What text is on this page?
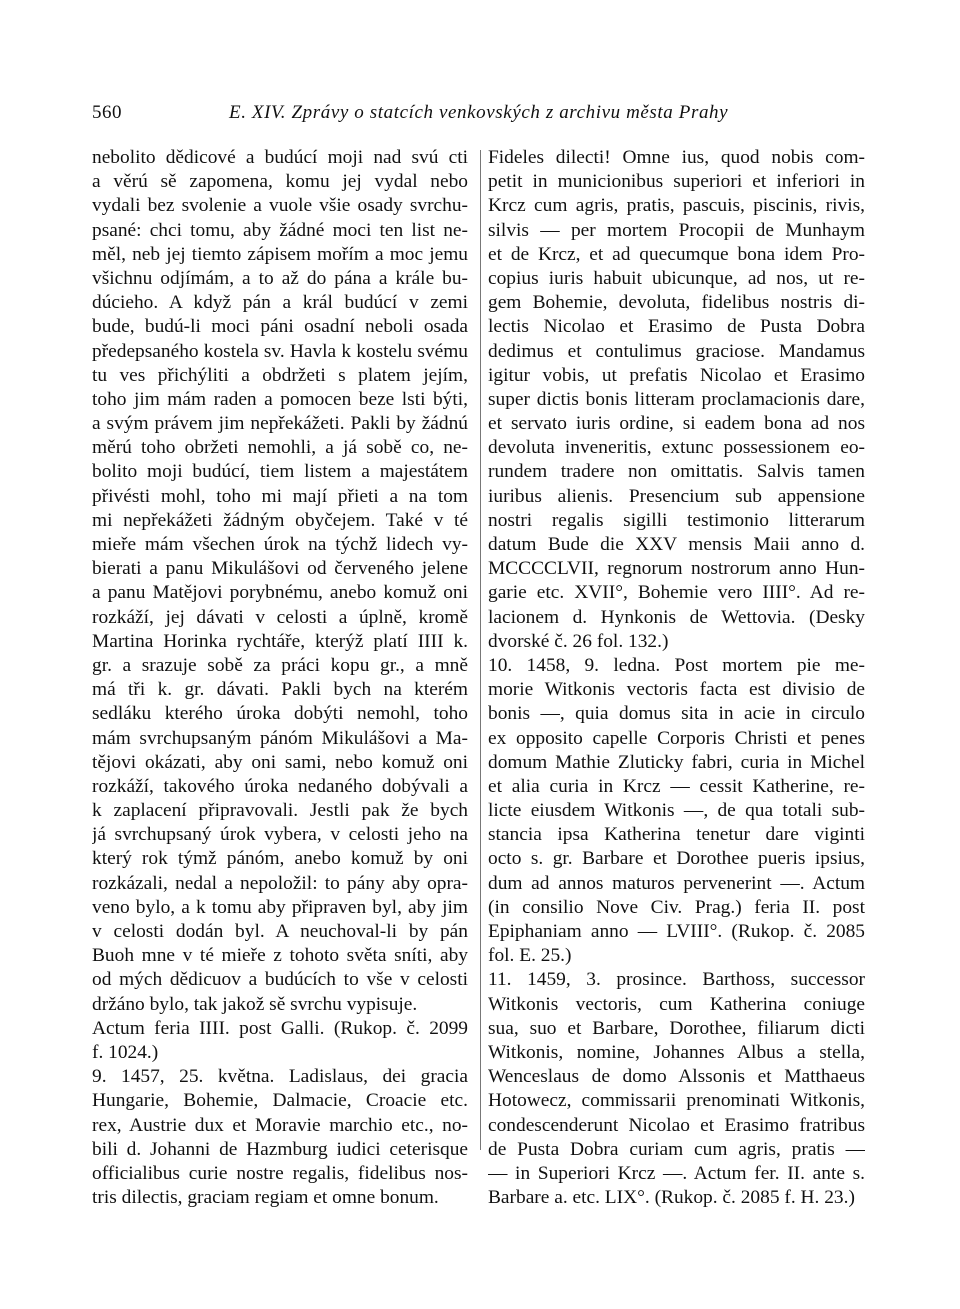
560	E. XIV. Zprávy o statcích venkovských z archivu města Prahy
nebolito dědicové a budúcí moji nad svú cti
a věrú sě zapomena, komu jej vydal nebo
vydali bez svolenie a vuole všie osady svrchu-
psané: chci tomu, aby žádné moci ten list ne-
měl, neb jej tiemto zápisem mořím a moc jemu
všichnu odjímám, a to až do pána a krále bu-
dúcieho. A když pán a král budúcí v zemi
bude, budú-li moci páni osadní neboli osada
předepsaného kostela sv. Havla k kostelu svému
tu ves přichýliti a obdržeti s platem jejím,
toho jim mám raden a pomocen beze lsti býti,
a svým právem jim nepřekážeti. Pakli by žádnú
měrú toho obržeti nemohli, a já sobě co, ne-
bolito moji budúcí, tiem listem a majestátem
přivésti mohl, toho mi mají přieti a na tom
mi nepřekážeti žádným obyčejem. Také v té
mieře mám všechen úrok na týchž lidech vy-
bierati a panu Mikulášovi od červeného jelene
a panu Matějovi porybnému, anebo komuž oni
rozkáží, jej dávati v celosti a úplně, kromě
Martina Horinka rychtáře, kterýž platí IIII k.
gr. a srazuje sobě za práci kopu gr., a mně
má tři k. gr. dávati. Pakli bych na kterém
sedláku kterého úroka dobýti nemohl, toho
mám svrchupsaným pánóm Mikulášovi a Ma-
tějovi okázati, aby oni sami, nebo komuž oni
rozkáží, takového úroka nedaného dobývali a
k zaplacení připravovali. Jestli pak že bych
já svrchupsaný úrok vybera, v celosti jeho na
který rok týmž pánóm, anebo komuž by oni
rozkázali, nedal a nepoložil: to pány aby opra-
veno bylo, a k tomu aby připraven byl, aby jim
v celosti dodán byl. A neuchoval-li by pán
Buoh mne v té mieře z tohoto světa sníti, aby
od mých dědicuov a budúcích to vše v celosti
držáno bylo, tak jakož sě svrchu vypisuje.
Actum feria IIII. post Galli. (Rukop. č. 2099
f. 1024.)
9. 1457, 25. května. Ladislaus, dei gracia
Hungarie, Bohemie, Dalmacie, Croacie etc.
rex, Austrie dux et Moravie marchio etc., no-
bili d. Johanni de Hazmburg iudici ceterisque
officialibus curie nostre regalis, fidelibus nos-
tris dilectis, graciam regiam et omne bonum.
Fideles dilecti! Omne ius, quod nobis com-
petit in municionibus superiori et inferiori in
Krcz cum agris, pratis, pascuis, piscinis, rivis,
silvis — per mortem Procopii de Munhaym
et de Krcz, et ad quecumque bona idem Pro-
copius iuris habuit ubicunque, ad nos, ut re-
gem Bohemie, devoluta, fidelibus nostris di-
lectis Nicolao et Erasimo de Pusta Dobra
dedimus et contulimus graciose. Mandamus
igitur vobis, ut prefatis Nicolao et Erasimo
super dictis bonis litteram proclamacionis dare,
et servato iuris ordine, si eadem bona ad nos
devoluta inveneritis, extunc possessionem eo-
rundem tradere non omittatis. Salvis tamen
iuribus alienis. Presencium sub appensione
nostri regalis sigilli testimonio litterarum
datum Bude die XXV mensis Maii anno d.
MCCCCLVII, regnorum nostrorum anno Hun-
garie etc. XVII°, Bohemie vero IIII°. Ad re-
lacionem d. Hynkonis de Wettovia. (Desky
dvorské č. 26 fol. 132.)
10. 1458, 9. ledna. Post mortem pie me-
morie Witkonis vectoris facta est divisio de
bonis —, quia domus sita in acie in circulo
ex opposito capelle Corporis Christi et penes
domum Mathie Zluticky fabri, curia in Michel
et alia curia in Krcz — cessit Katherine, re-
licte eiusdem Witkonis —, de qua totali sub-
stancia ipsa Katherina tenetur dare viginti
octo s. gr. Barbare et Dorothee pueris ipsius,
dum ad annos maturos pervenerint —. Actum
(in consilio Nove Civ. Prag.) feria II. post
Epiphaniam anno — LVIII°. (Rukop. č. 2085
fol. E. 25.)
11. 1459, 3. prosince. Barthoss, successor
Witkonis vectoris, cum Katherina coniuge
sua, suo et Barbare, Dorothee, filiarum dicti
Witkonis, nomine, Johannes Albus a stella,
Wenceslaus de domo Alssonis et Matthaeus
Hotowecz, commissarii prenominati Witkonis,
condescenderunt Nicolao et Erasimo fratribus
de Pusta Dobra curiam cum agris, pratis —
— in Superiori Krcz —. Actum fer. II. ante s.
Barbare a. etc. LIX°. (Rukop. č. 2085 f. H. 23.)
